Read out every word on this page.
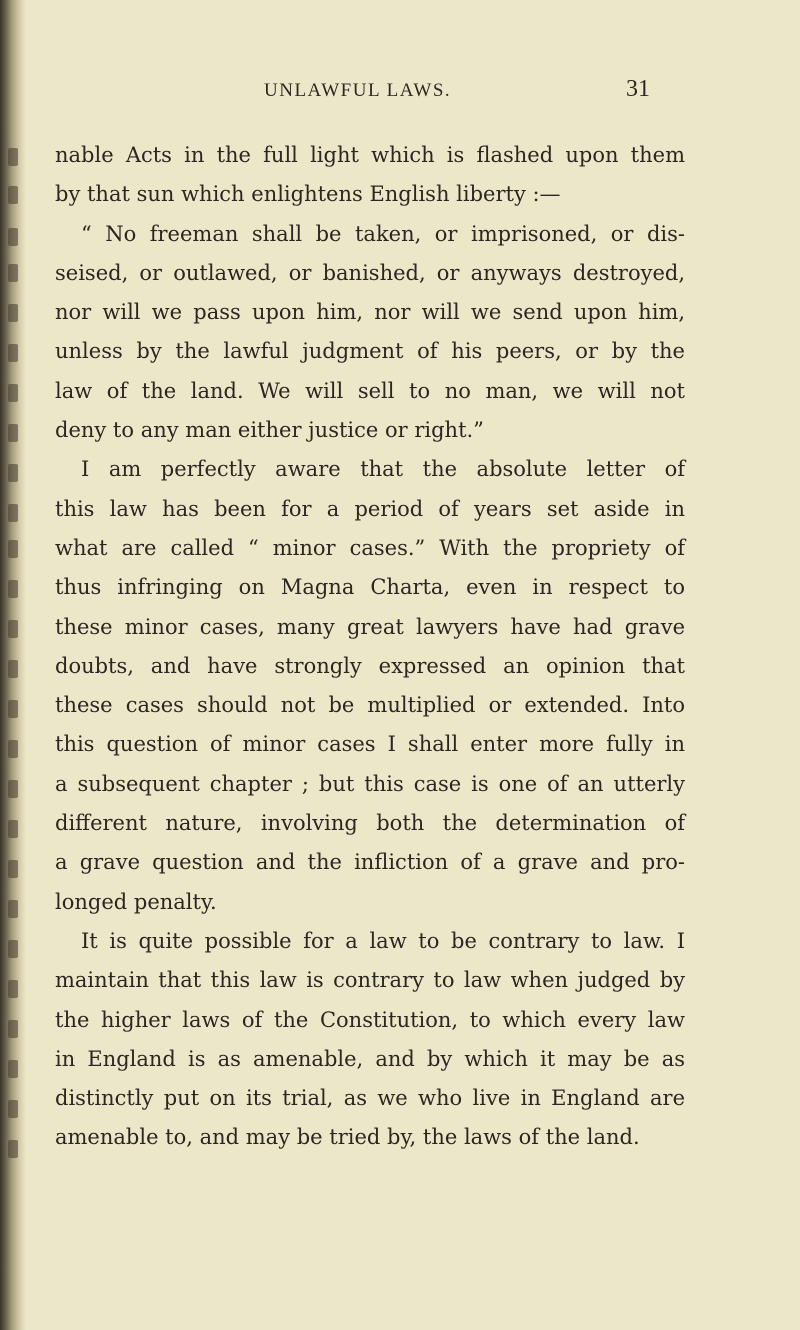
UNLAWFUL LAWS.	31
nable Acts in the full light which is flashed upon them
by that sun which enlightens English liberty :—
“ No freeman shall be taken, or imprisoned, or dis-
seised, or outlawed, or banished, or anyways destroyed,
nor will we pass upon him, nor will we send upon him,
unless by the lawful judgment of his peers, or by the
law of the land. We will sell to no man, we will not
deny to any man either justice or right.”
I am perfectly aware that the absolute letter of
this law has been for a period of years set aside in
what are called “ minor cases.” With the propriety of
thus infringing on Magna Charta, even in respect to
these minor cases, many great lawyers have had grave
doubts, and have strongly expressed an opinion that
these cases should not be multiplied or extended. Into
this question of minor cases I shall enter more fully in
a subsequent chapter ; but this case is one of an utterly
different nature, involving both the determination of
a grave question and the infliction of a grave and pro-
longed penalty.
It is quite possible for a law to be contrary to law. I
maintain that this law is contrary to law when judged by
the higher laws of the Constitution, to which every law
in England is as amenable, and by which it may be as
distinctly put on its trial, as we who live in England are
amenable to, and may be tried by, the laws of the land.
